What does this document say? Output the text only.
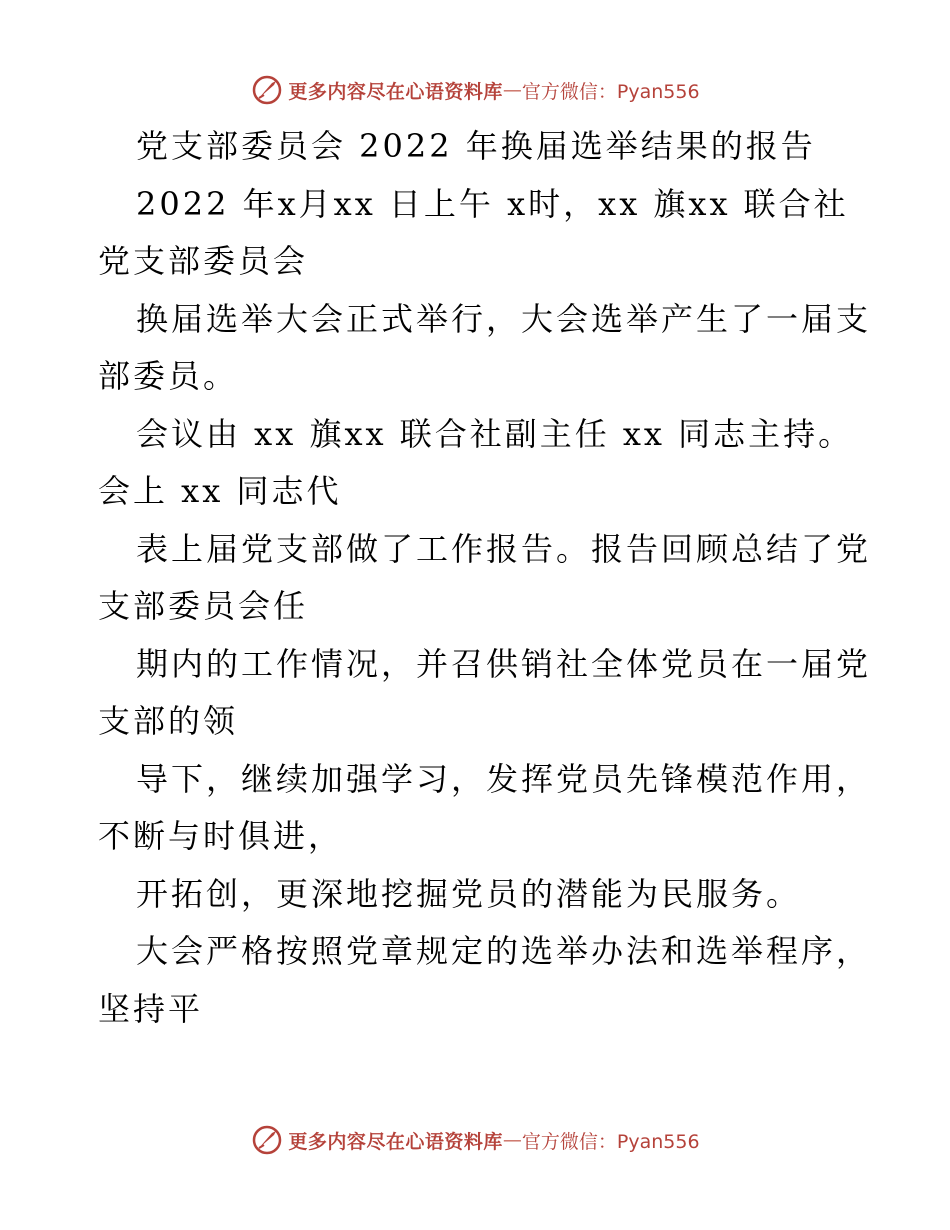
更多内容尽在心语资料库 — 官方微信：Pyan556
党支部委员会 2022 年换届选举结果的报告
2022 年x月xx 日上午 x时，xx 旗xx 联合社
党支部委员会
换届选举大会正式举行，大会选举产生了一届支
部委员。
会议由 xx 旗xx 联合社副主任 xx 同志主持。
会上 xx 同志代
表上届党支部做了工作报告。报告回顾总结了党
支部委员会任
期内的工作情况，并召供销社全体党员在一届党
支部的领
导下，继续加强学习，发挥党员先锋模范作用，
不断与时俱进，
开拓创，更深地挖掘党员的潜能为民服务。
大会严格按照党章规定的选举办法和选举程序，
坚持平
更多内容尽在心语资料库 — 官方微信：Pyan556
